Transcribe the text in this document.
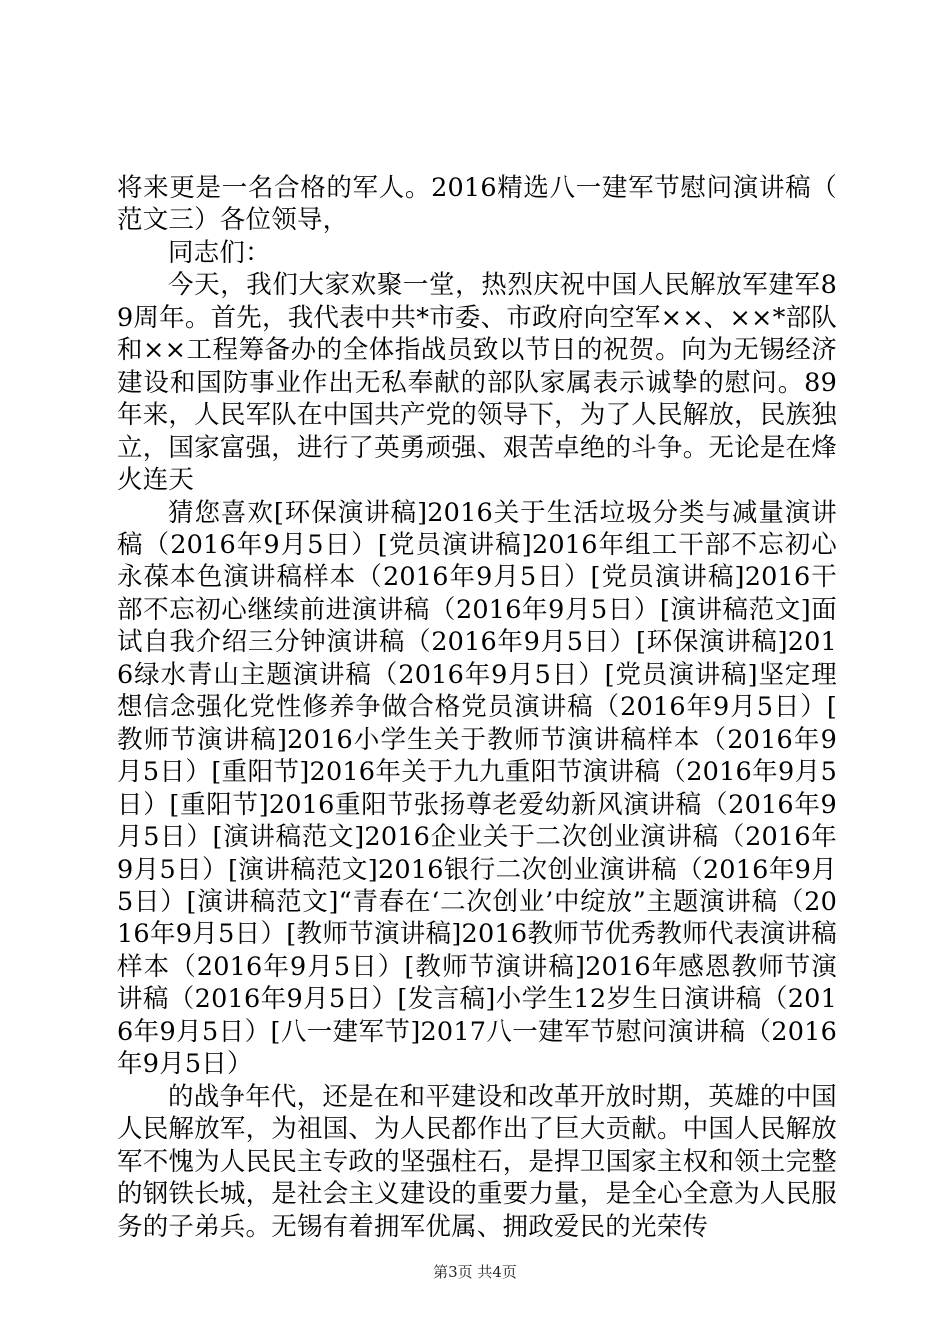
将来更是一名合格的军人。2016精选八一建军节慰问演讲稿（范文三）各位领导，

同志们：

今天，我们大家欢聚一堂，热烈庆祝中国人民解放军建军89周年。首先，我代表中共*市委、市政府向空军××、××*部队和××工程筹备办的全体指战员致以节日的祝贺。向为无锡经济建设和国防事业作出无私奉献的部队家属表示诚挚的慰问。89年来，人民军队在中国共产党的领导下，为了人民解放，民族独立，国家富强，进行了英勇顽强、艰苦卓绝的斗争。无论是在烽火连天

猜您喜欢[环保演讲稿]2016关于生活垃圾分类与减量演讲稿（2016年9月5日）[党员演讲稿]2016年组工干部不忘初心永葆本色演讲稿样本（2016年9月5日）[党员演讲稿]2016干部不忘初心继续前进演讲稿（2016年9月5日）[演讲稿范文]面试自我介绍三分钟演讲稿（2016年9月5日）[环保演讲稿]2016绿水青山主题演讲稿（2016年9月5日）[党员演讲稿]坚定理想信念强化党性修养争做合格党员演讲稿（2016年9月5日）[教师节演讲稿]2016小学生关于教师节演讲稿样本（2016年9月5日）[重阳节]2016年关于九九重阳节演讲稿（2016年9月5日）[重阳节]2016重阳节张扬尊老爱幼新风演讲稿（2016年9月5日）[演讲稿范文]2016企业关于二次创业演讲稿（2016年9月5日）[演讲稿范文]2016银行二次创业演讲稿（2016年9月5日）[演讲稿范文]“青春在‘二次创业’中绽放”主题演讲稿（2016年9月5日）[教师节演讲稿]2016教师节优秀教师代表演讲稿样本（2016年9月5日）[教师节演讲稿]2016年感恩教师节演讲稿（2016年9月5日）[发言稿]小学生12岁生日演讲稿（2016年9月5日）[八一建军节]2017八一建军节慰问演讲稿（2016年9月5日）

的战争年代，还是在和平建设和改革开放时期，英雄的中国人民解放军，为祖国、为人民都作出了巨大贡献。中国人民解放军不愧为人民民主专政的坚强柱石，是捍卫国家主权和领土完整的钢铁长城，是社会主义建设的重要力量，是全心全意为人民服务的子弟兵。无锡有着拥军优属、拥政爱民的光荣传

第3页 共4页
